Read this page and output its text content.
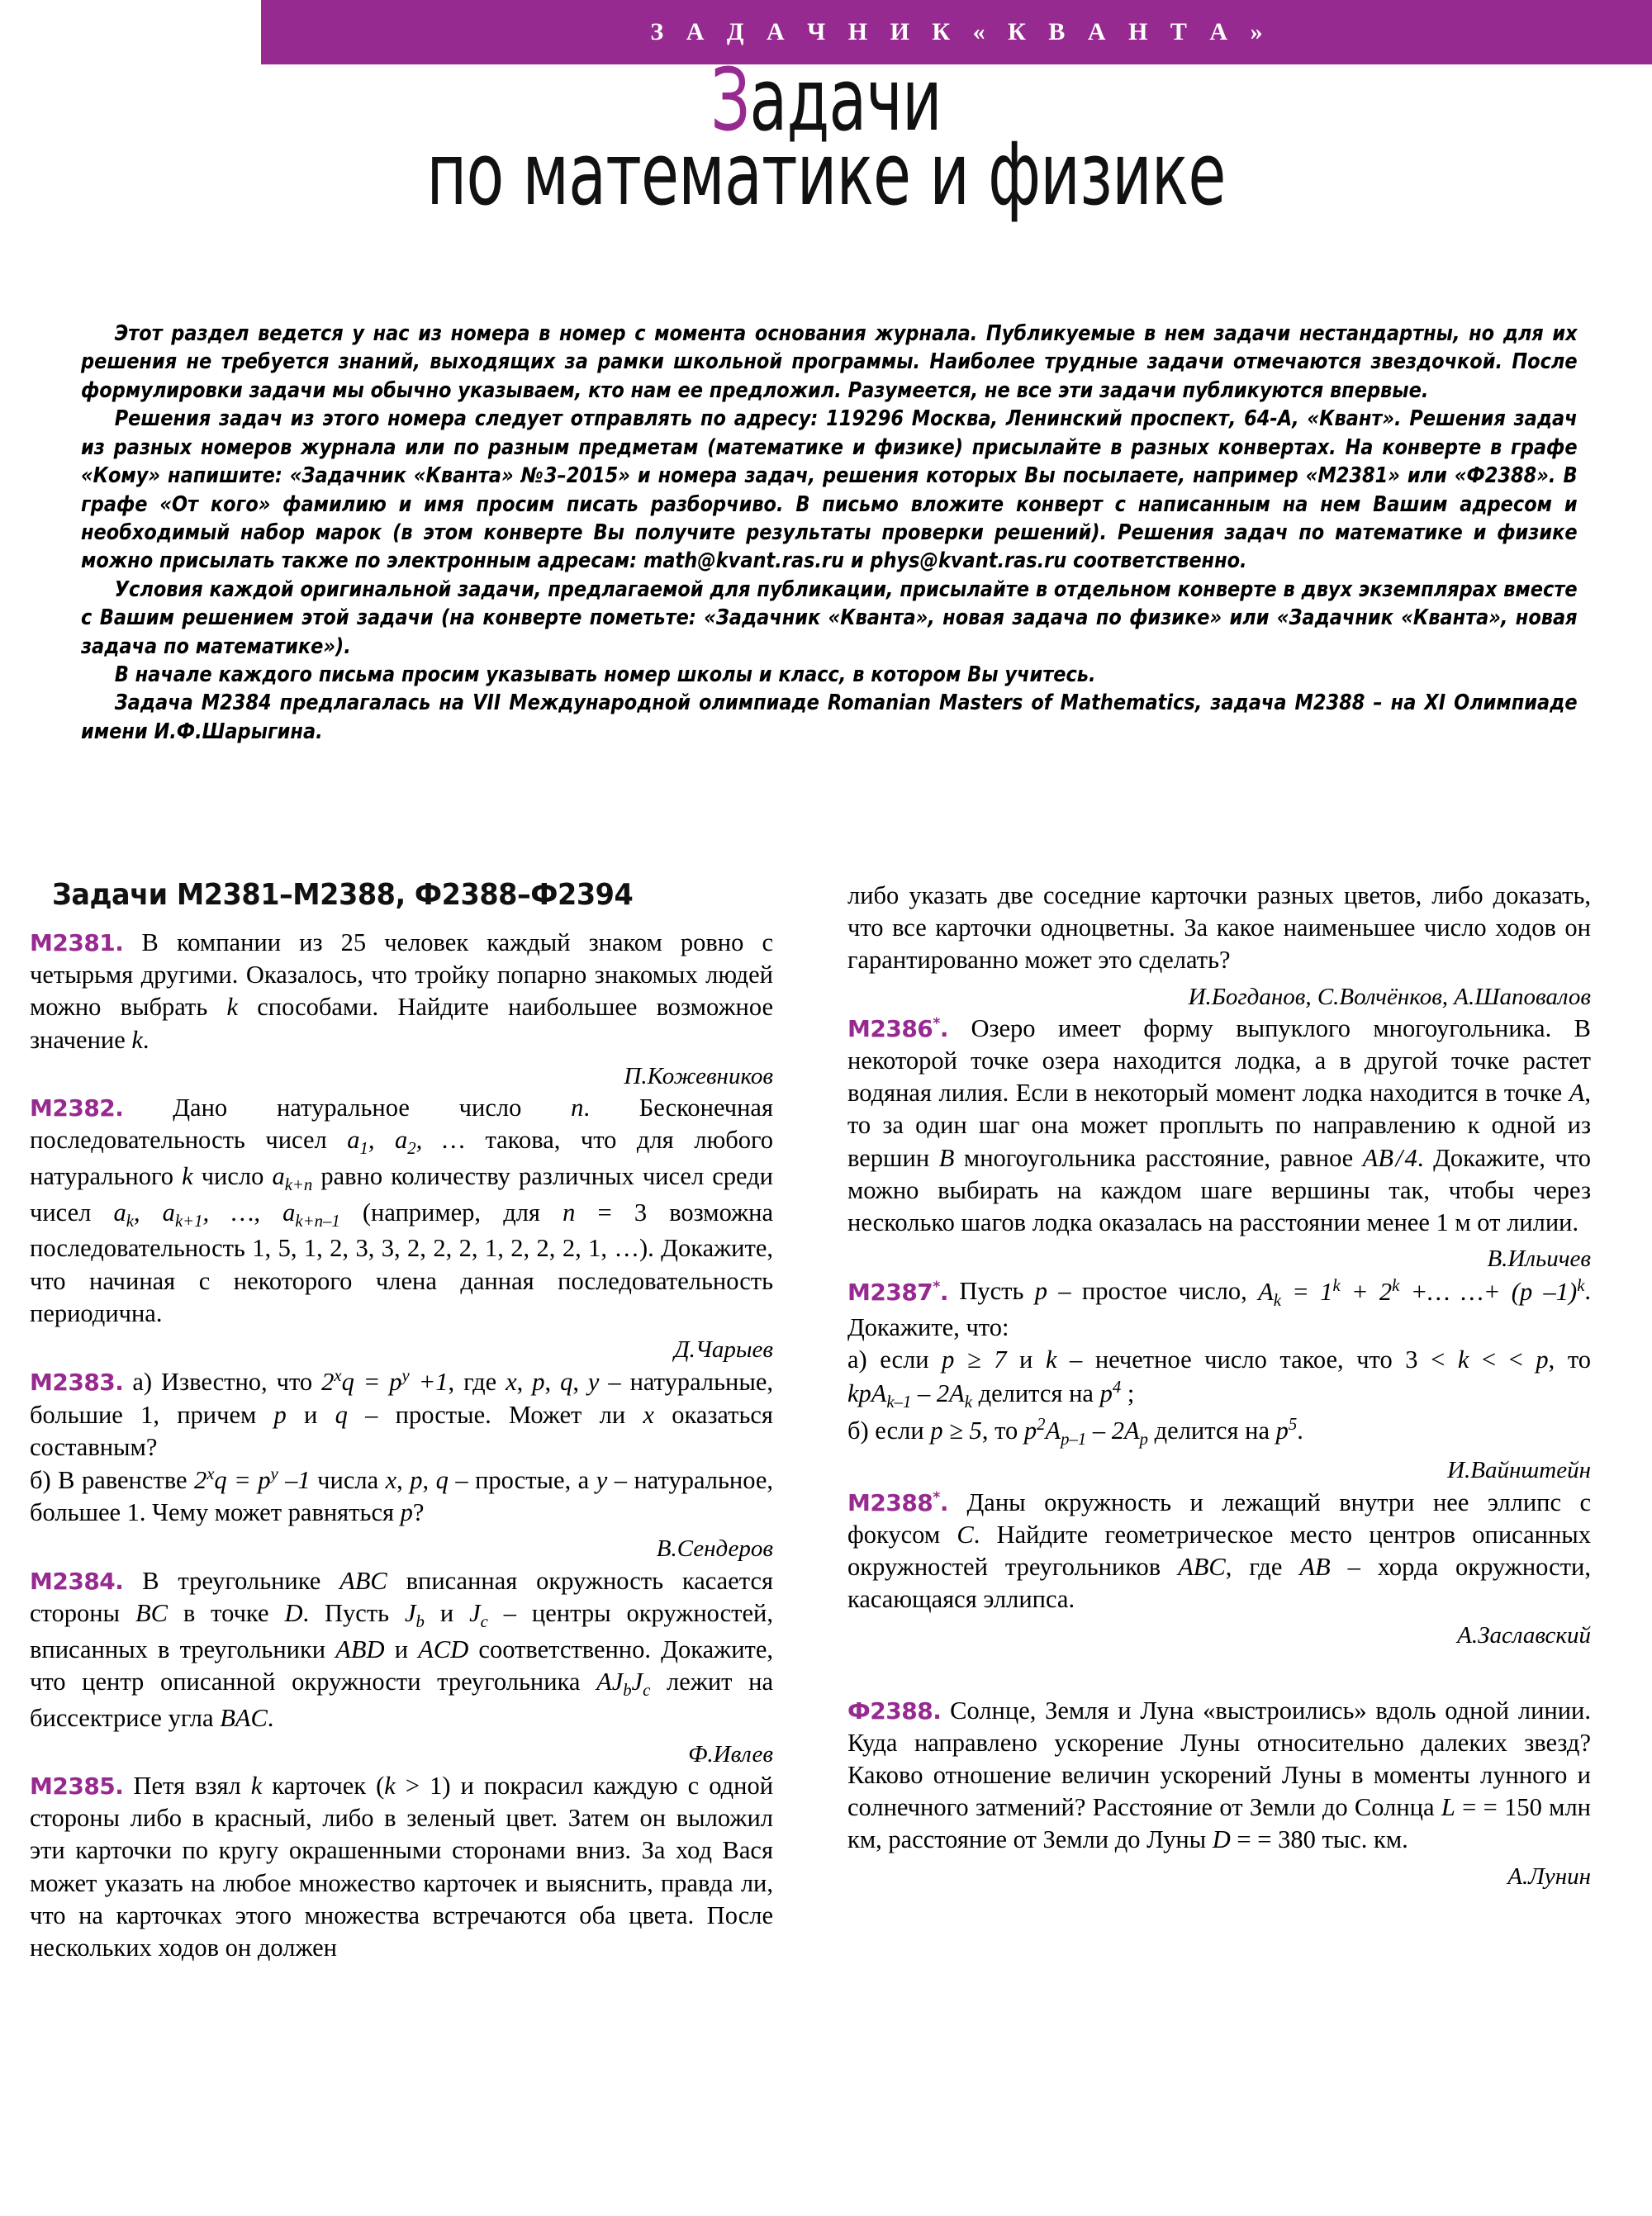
З А Д А Ч Н И К « К В А Н Т А »
Задачи
по математике и физике

Этот раздел ведется у нас из номера в номер с момента основания журнала. Публикуемые в нем задачи нестандартны, но для их решения не требуется знаний, выходящих за рамки школьной программы. Наиболее трудные задачи отмечаются звездочкой. После формулировки задачи мы обычно указываем, кто нам ее предложил. Разумеется, не все эти задачи публикуются впервые.

Решения задач из этого номера следует отправлять по адресу: 119296 Москва, Ленинский проспект, 64-А, «Квант». Решения задач из разных номеров журнала или по разным предметам (математике и физике) присылайте в разных конвертах. На конверте в графе «Кому» напишите: «Задачник «Кванта» №3–2015» и номера задач, решения которых Вы посылаете, например «М2381» или «Ф2388». В графе «От кого» фамилию и имя просим писать разборчиво. В письмо вложите конверт с написанным на нем Вашим адресом и необходимый набор марок (в этом конверте Вы получите результаты проверки решений). Решения задач по математике и физике можно присылать также по электронным адресам: math@kvant.ras.ru и phys@kvant.ras.ru соответственно.

Условия каждой оригинальной задачи, предлагаемой для публикации, присылайте в отдельном конверте в двух экземплярах вместе с Вашим решением этой задачи (на конверте пометьте: «Задачник «Кванта», новая задача по физике» или «Задачник «Кванта», новая задача по математике»).

В начале каждого письма просим указывать номер школы и класс, в котором Вы учитесь.

Задача М2384 предлагалась на VII Международной олимпиаде Romanian Masters of Mathematics, задача М2388 – на XI Олимпиаде имени И.Ф.Шарыгина.

Задачи М2381–М2388, Ф2388–Ф2394

М2381. В компании из 25 человек каждый знаком ровно с четырьмя другими. Оказалось, что тройку попарно знакомых людей можно выбрать k способами. Найдите наибольшее возможное значение k.

П.Кожевников

М2382. Дано натуральное число n. Бесконечная последовательность чисел $a_1$, $a_2$, … такова, что для любого натурального k число $a_{k+n}$ равно количеству различных чисел среди чисел $a_k$, $a_{k+1}$, …, $a_{k+n-1}$ (например, для n = 3 возможна последовательность 1, 5, 1, 2, 3, 3, 2, 2, 2, 1, 2, 2, 2, 1, …). Докажите, что начиная с некоторого члена данная последовательность периодична.

Д.Чарыев

М2383. а) Известно, что $2^xq = p^y +1$, где x, p, q, y – натуральные, большие 1, причем p и q – простые. Может ли x оказаться составным?
б) В равенстве $2^xq = p^y$ –1 числа x, p, q – простые, а y – натуральное, большее 1. Чему может равняться p?

В.Сендеров

М2384. В треугольнике ABC вписанная окружность касается стороны BC в точке D. Пусть $J_b$ и $J_c$ – центры окружностей, вписанных в треугольники ABD и ACD соответственно. Докажите, что центр описанной окружности треугольника $AJ_bJ_c$ лежит на биссектрисе угла BAC.

Ф.Ивлев

М2385. Петя взял k карточек (k > 1) и покрасил каждую с одной стороны либо в красный, либо в зеленый цвет. Затем он выложил эти карточки по кругу окрашенными сторонами вниз. За ход Вася может указать на любое множество карточек и выяснить, правда ли, что на карточках этого множества встречаются оба цвета. После нескольких ходов он должен

либо указать две соседние карточки разных цветов, либо доказать, что все карточки одноцветны. За какое наименьшее число ходов он гарантированно может это сделать?

И.Богданов, С.Волчёнков, А.Шаповалов

М2386*. Озеро имеет форму выпуклого многоугольника. В некоторой точке озера находится лодка, а в другой точке растет водяная лилия. Если в некоторый момент лодка находится в точке A, то за один шаг она может проплыть по направлению к одной из вершин B многоугольника расстояние, равное AB / 4. Докажите, что можно выбирать на каждом шаге вершины так, чтобы через несколько шагов лодка оказалась на расстоянии менее 1 м от лилии.

В.Ильичев

М2387*. Пусть p – простое число, $A_k = 1^k + 2^k$ +… …+ (p –1)$^k$. Докажите, что:
а) если p ≥ 7 и k – нечетное число такое, что 3 < k < < p, то $kpA_{k-1} - 2A_k$ делится на $p^4$ ;
б) если p ≥ 5, то $p^2A_{p-1} - 2A_p$ делится на $p^5$.

И.Вайнштейн

М2388*. Даны окружность и лежащий внутри нее эллипс с фокусом C. Найдите геометрическое место центров описанных окружностей треугольников ABC, где AB – хорда окружности, касающаяся эллипса.

А.Заславский

Ф2388. Солнце, Земля и Луна «выстроились» вдоль одной линии. Куда направлено ускорение Луны относительно далеких звезд? Каково отношение величин ускорений Луны в моменты лунного и солнечного затмений? Расстояние от Земли до Солнца L = = 150 млн км, расстояние от Земли до Луны D = = 380 тыс. км.

А.Лунин
